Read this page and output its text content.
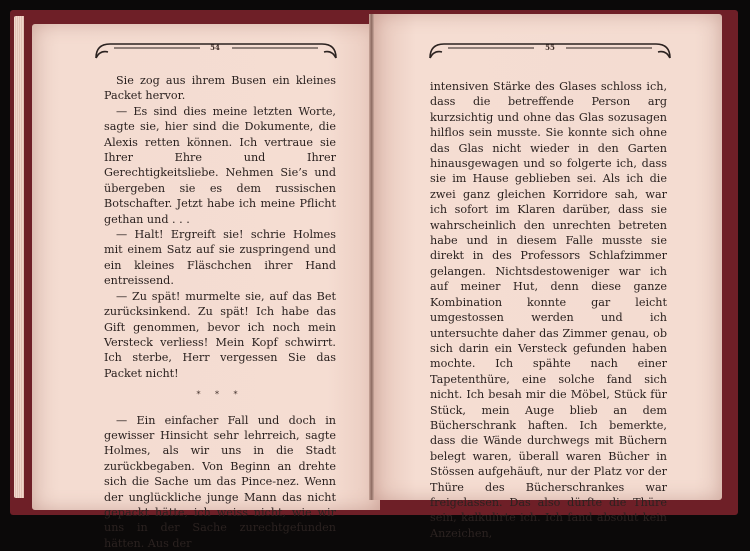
54

Sie zog aus ihrem Busen ein kleines Packet hervor.

— Es sind dies meine letzten Worte, sagte sie, hier sind die Dokumente, die Alexis retten können. Ich vertraue sie Ihrer Ehre und Ihrer Gerechtigkeitsliebe. Nehmen Sie’s und übergeben sie es dem russischen Botschafter. Jetzt habe ich meine Pflicht gethan und . . .

— Halt! Ergreift sie! schrie Holmes mit einem Satz auf sie zuspringend und ein kleines Fläschchen ihrer Hand entreissend.

— Zu spät! murmelte sie, auf das Bet zurücksinkend. Zu spät! Ich habe das Gift genommen, bevor ich noch mein Versteck verliess! Mein Kopf schwirrt. Ich sterbe, Herr vergessen Sie das Packet nicht!

* * *

— Ein einfacher Fall und doch in gewisser Hinsicht sehr lehrreich, sagte Holmes, als wir uns in die Stadt zurückbegaben. Von Beginn an drehte sich die Sache um das Pince-nez. Wenn der unglückliche junge Mann das nicht gepackt hätte, ich weiss nicht, wie wir uns in der Sache zurechtgefunden hätten. Aus der

55

intensiven Stärke des Glases schloss ich, dass die betreffende Person arg kurzsichtig und ohne das Glas sozusagen hilflos sein musste. Sie konnte sich ohne das Glas nicht wieder in den Garten hinausgewagen und so folgerte ich, dass sie im Hause geblieben sei. Als ich die zwei ganz gleichen Korridore sah, war ich sofort im Klaren darüber, dass sie wahrscheinlich den unrechten betreten habe und in diesem Falle musste sie direkt in des Professors Schlafzimmer gelangen. Nichtsdestoweniger war ich auf meiner Hut, denn diese ganze Kombination konnte gar leicht umgestossen werden und ich untersuchte daher das Zimmer genau, ob sich darin ein Versteck gefunden haben mochte. Ich spähte nach einer Tapetenthüre, eine solche fand sich nicht. Ich besah mir die Möbel, Stück für Stück, mein Auge blieb an dem Bücherschrank haften. Ich bemerkte, dass die Wände durchwegs mit Büchern belegt waren, überall waren Bücher in Stössen aufgehäuft, nur der Platz vor der Thüre des Bücherschrankes war freigelassen. Das also dürfte die Thüre sein, kalkulirte ich. Ich fand absolut kein Anzeichen,
